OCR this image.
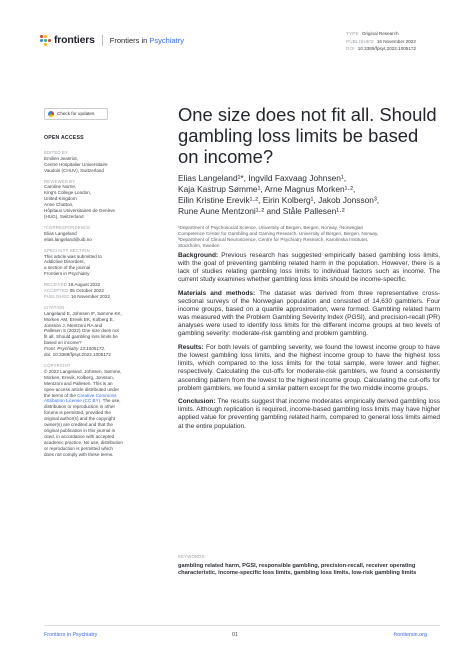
frontiers Frontiers in Psychiatry
TYPE Original Research
PUBLISHED 16 November 2022
DOI 10.3389/fpsyt.2022.1005172
Check for updates
OPEN ACCESS
EDITED BY
Emilien Jeanriot,
Centre Hospitalier Universitaire
Vaudois (CHUV), Switzerland
REVIEWED BY
Caroline Norrie,
King's College London,
United Kingdom
Anne Chatton,
Hôpitaux Universitaires de Genève
(HUG), Switzerland
*CORRESPONDENCE
Elias Langeland
elias.langeland@uib.no
SPECIALTY SECTION
This article was submitted to
Addictive Disorders,
a section of the journal
Frontiers in Psychiatry
RECEIVED 18 August 2022
ACCEPTED 05 October 2022
PUBLISHED 16 November 2022
CITATION
Langeland E, Johnsen IF, Sømme KK,
Morken AM, Erevik EK, Kolberg E,
Jonsson J, Mentzoni RA and
Pallesen S (2022) One size does not
fit all. Should gambling loss limits be
based on income?
Front. Psychiatry 13:1005172.
doi: 10.3389/fpsyt.2022.1005172
COPYRIGHT
© 2022 Langeland, Johnsen, Sømme,
Morken, Erevik, Kolberg, Jonsson,
Mentzoni and Pallesen. This is an
open-access article distributed under
the terms of the Creative Commons
Attribution License (CC BY). The use,
distribution or reproduction in other
forums is permitted, provided the
original author(s) and the copyright
owner(s) are credited and that the
original publication in this journal is
cited, in accordance with accepted
academic practice. No use, distribution
or reproduction is permitted which
does not comply with these terms.
One size does not fit all. Should gambling loss limits be based on income?
Elias Langeland¹*, Ingvild Faxvaag Johnsen¹,
Kaja Kastrup Sømme¹, Arne Magnus Morken¹·²,
Eilin Kristine Erevik¹·², Eirin Kolberg¹, Jakob Jonsson³,
Rune Aune Mentzoni¹·² and Ståle Pallesen¹·²
¹Department of Psychosocial Science, University of Bergen, Bergen, Norway, ²Norwegian
Competence Center for Gambling and Gaming Research, University of Bergen, Bergen, Norway,
³Department of Clinical Neuroscience, Centre for Psychiatry Research, Karolinska Institutet,
Stockholm, Sweden

Background: Previous research has suggested empirically based gambling loss limits, with the goal of preventing gambling related harm in the population. However, there is a lack of studies relating gambling loss limits to individual factors such as income. The current study examines whether gambling loss limits should be income-specific.

Materials and methods: The dataset was derived from three representative cross-sectional surveys of the Norwegian population and consisted of 14,630 gamblers. Four income groups, based on a quartile approximation, were formed. Gambling related harm was measured with the Problem Gambling Severity Index (PGSI), and precision-recall (PR) analyses were used to identify loss limits for the different income groups at two levels of gambling severity: moderate-risk gambling and problem gambling.

Results: For both levels of gambling severity, we found the lowest income group to have the lowest gambling loss limits, and the highest income group to have the highest loss limits, which compared to the loss limits for the total sample, were lower and higher, respectively. Calculating the cut-offs for moderate-risk gamblers, we found a consistently ascending pattern from the lowest to the highest income group. Calculating the cut-offs for problem gamblers, we found a similar pattern except for the two middle income groups.

Conclusion: The results suggest that income moderates empirically derived gambling loss limits. Although replication is required, income-based gambling loss limits may have higher applied value for preventing gambling related harm, compared to general loss limits aimed at the entire population.

KEYWORDS
gambling related harm, PGSI, responsible gambling, precision-recall, receiver operating characteristic, income-specific loss limits, gambling loss limits, low-risk gambling limits
Frontiers in Psychiatry	01	frontiersin.org
